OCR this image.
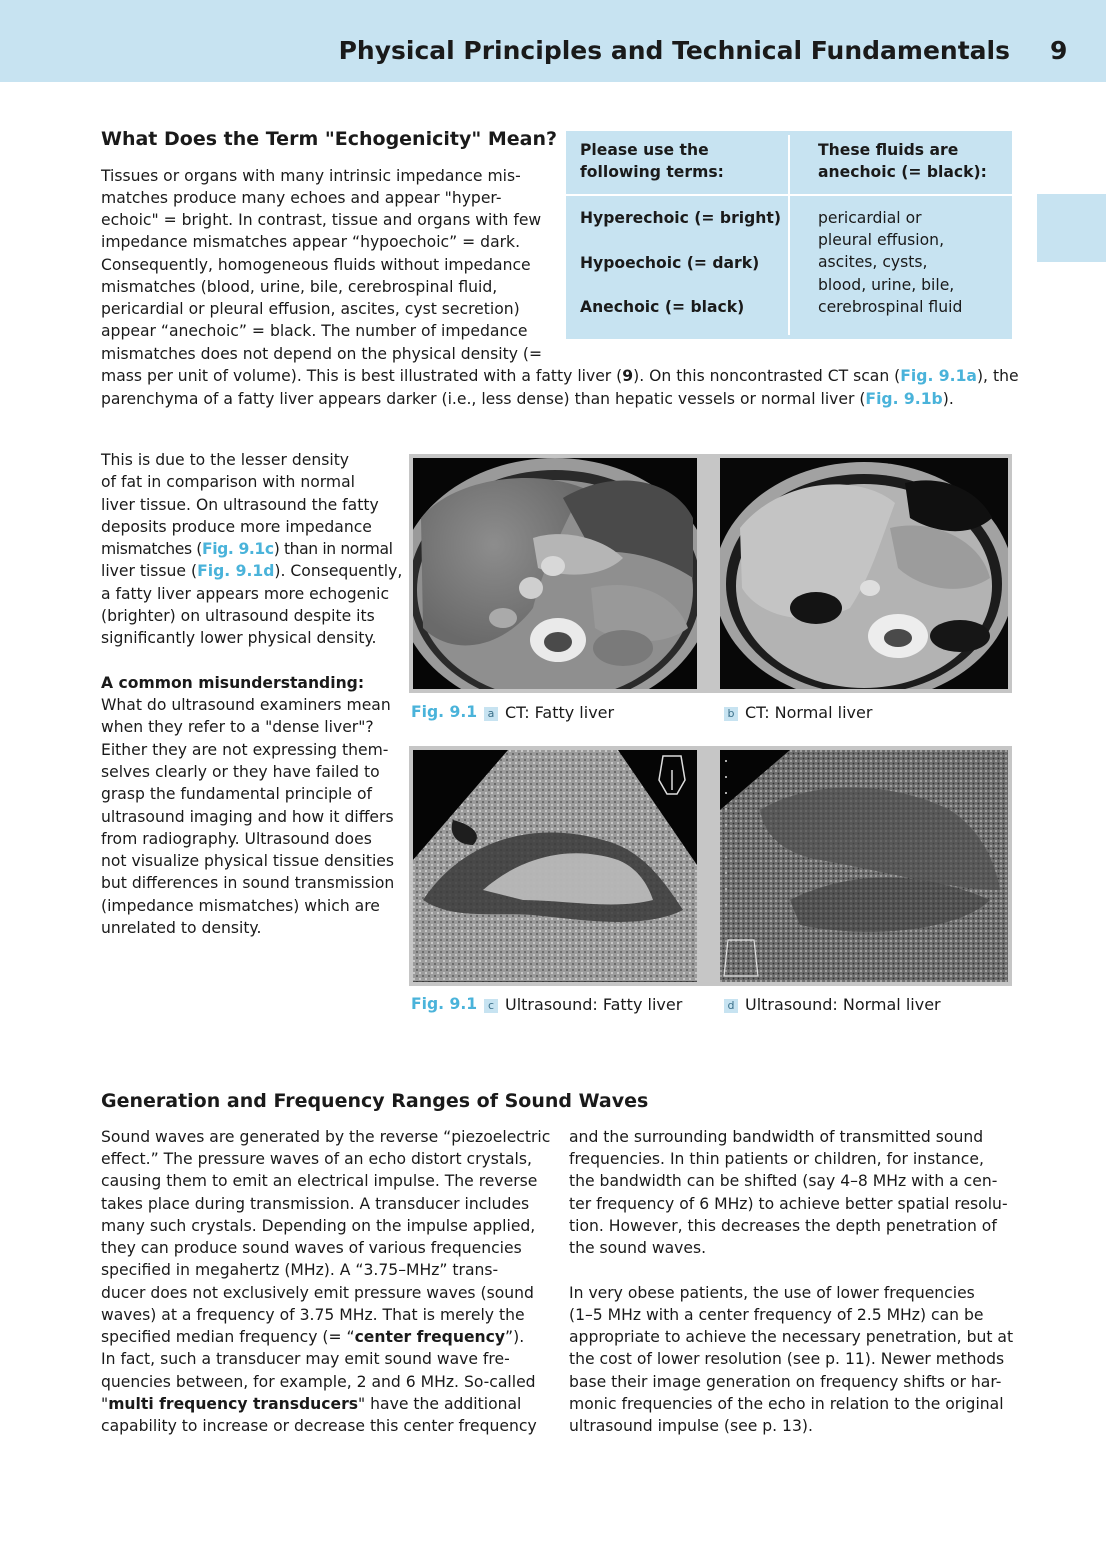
Physical Principles and Technical Fundamentals 9
What Does the Term "Echogenicity" Mean?
Tissues or organs with many intrinsic impedance mis-
matches produce many echoes and appear "hyper-
echoic" = bright. In contrast, tissue and organs with few
impedance mismatches appear “hypoechoic” = dark.
Consequently, homogeneous fluids without impedance
mismatches (blood, urine, bile, cerebrospinal fluid,
pericardial or pleural effusion, ascites, cyst secretion)
appear “anechoic” = black. The number of impedance
mismatches does not depend on the physical density (=
mass per unit of volume). This is best illustrated with a fatty liver (9). On this noncontrasted CT scan (Fig. 9.1a), the
parenchyma of a fatty liver appears darker (i.e., less dense) than hepatic vessels or normal liver (Fig. 9.1b).
Please use the
following terms:
These fluids are
anechoic (= black):
Hyperechoic (= bright)
Hypoechoic (= dark)
Anechoic (= black)
pericardial or
pleural effusion,
ascites, cysts,
blood, urine, bile,
cerebrospinal fluid
This is due to the lesser density
of fat in comparison with normal
liver tissue. On ultrasound the fatty
deposits produce more impedance
mismatches (Fig. 9.1c) than in normal
liver tissue (Fig. 9.1d). Consequently,
a fatty liver appears more echogenic
(brighter) on ultrasound despite its
significantly lower physical density.
A common misunderstanding:
What do ultrasound examiners mean
when they refer to a "dense liver"?
Either they are not expressing them-
selves clearly or they have failed to
grasp the fundamental principle of
ultrasound imaging and how it differs
from radiography. Ultrasound does
not visualize physical tissue densities
but differences in sound transmission
(impedance mismatches) which are
unrelated to density.
Fig. 9.1 a CT: Fatty liver	b CT: Normal liver
Fig. 9.1 c Ultrasound: Fatty liver	d Ultrasound: Normal liver
Generation and Frequency Ranges of Sound Waves
Sound waves are generated by the reverse “piezoelectric
effect.” The pressure waves of an echo distort crystals,
causing them to emit an electrical impulse. The reverse
takes place during transmission. A transducer includes
many such crystals. Depending on the impulse applied,
they can produce sound waves of various frequencies
specified in megahertz (MHz). A “3.75–MHz” trans-
ducer does not exclusively emit pressure waves (sound
waves) at a frequency of 3.75 MHz. That is merely the
specified median frequency (= “center frequency”).
In fact, such a transducer may emit sound wave fre-
quencies between, for example, 2 and 6 MHz. So-called
"multi frequency transducers" have the additional
capability to increase or decrease this center frequency
and the surrounding bandwidth of transmitted sound
frequencies. In thin patients or children, for instance,
the bandwidth can be shifted (say 4–8 MHz with a cen-
ter frequency of 6 MHz) to achieve better spatial resolu-
tion. However, this decreases the depth penetration of
the sound waves.
In very obese patients, the use of lower frequencies
(1–5 MHz with a center frequency of 2.5 MHz) can be
appropriate to achieve the necessary penetration, but at
the cost of lower resolution (see p. 11). Newer methods
base their image generation on frequency shifts or har-
monic frequencies of the echo in relation to the original
ultrasound impulse (see p. 13).
